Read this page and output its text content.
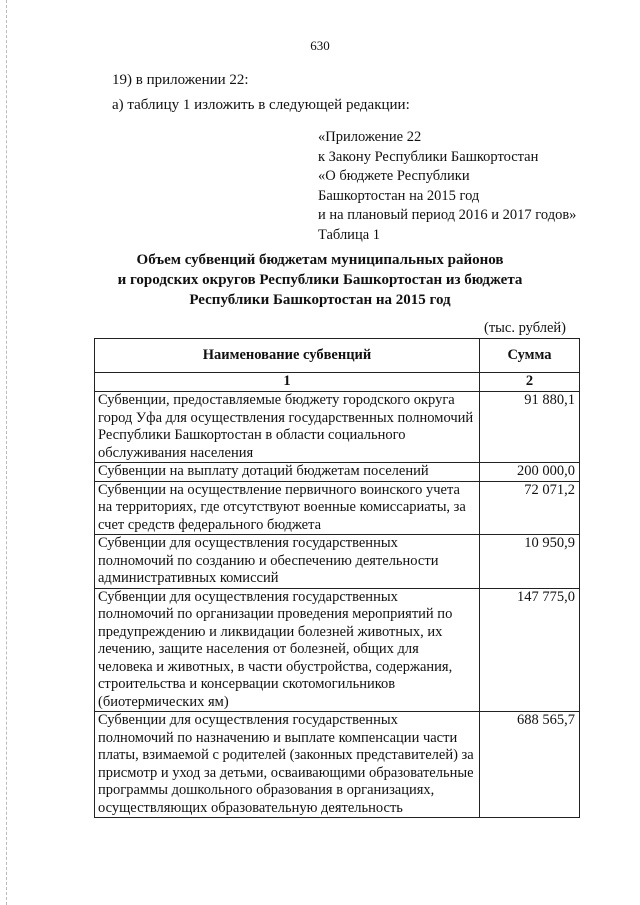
630
19) в приложении 22:
а) таблицу 1 изложить в следующей редакции:
«Приложение 22
к Закону Республики Башкортостан
«О бюджете Республики
Башкортостан на 2015 год
и на плановый период 2016 и 2017 годов»
Таблица 1
Объем субвенций бюджетам муниципальных районов
и городских округов Республики Башкортостан из бюджета
Республики Башкортостан на 2015 год
(тыс. рублей)
Наименование субвенций	Сумма
1	2
Субвенции, предоставляемые бюджету городского округа город Уфа для осуществления государственных полномочий Республики Башкортостан в области социального обслуживания населения	91 880,1
Субвенции на выплату дотаций бюджетам поселений	200 000,0
Субвенции на осуществление первичного воинского учета на территориях, где отсутствуют военные комиссариаты, за счет средств федерального бюджета	72 071,2
Субвенции для осуществления государственных полномочий по созданию и обеспечению деятельности административных комиссий	10 950,9
Субвенции для осуществления государственных полномочий по организации проведения мероприятий по предупреждению и ликвидации болезней животных, их лечению, защите населения от болезней, общих для человека и животных, в части обустройства, содержания, строительства и консервации скотомогильников (биотермических ям)	147 775,0
Субвенции для осуществления государственных полномочий по назначению и выплате компенсации части платы, взимаемой с родителей (законных представителей) за присмотр и уход за детьми, осваивающими образовательные программы дошкольного образования в организациях, осуществляющих образовательную деятельность	688 565,7
